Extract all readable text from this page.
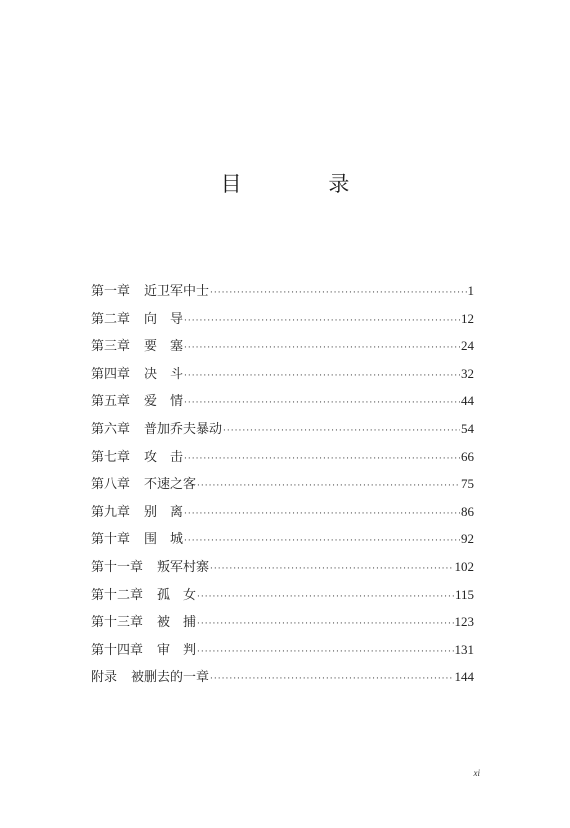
目 录
第一章 近卫军中士 ·····	1
第二章 向　导 ·····	12
第三章 要　塞 ·····	24
第四章 决　斗 ·····	32
第五章 爱　情 ·····	44
第六章 普加乔夫暴动 ·····	54
第七章 攻　击 ·····	66
第八章 不速之客 ·····	75
第九章 别　离 ·····	86
第十章 围　城 ·····	92
第十一章 叛军村寨 ·····	102
第十二章 孤　女 ·····	115
第十三章 被　捕 ·····	123
第十四章 审　判 ·····	131
附录 被删去的一章 ·····	144
xi
